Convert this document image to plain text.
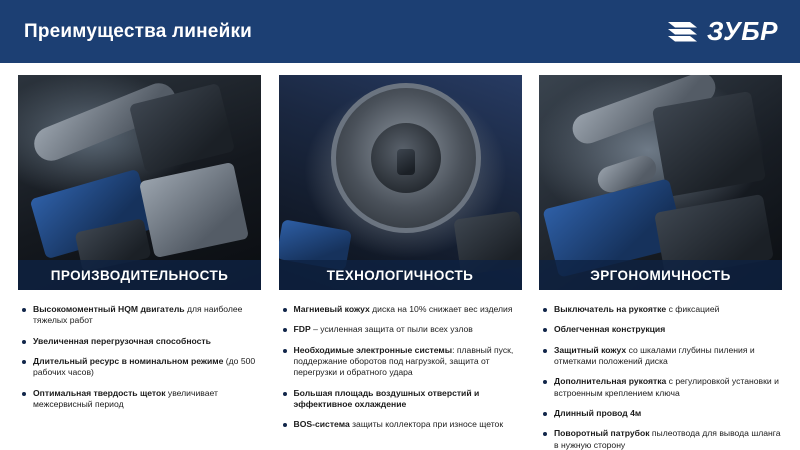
Преимущества линейки	ЗУБР
ПРОИЗВОДИТЕЛЬНОСТЬ
Высокомоментный HQM двигатель для наиболее тяжелых работ
Увеличенная перегрузочная способность
Длительный ресурс в номинальном режиме (до 500 рабочих часов)
Оптимальная твердость щеток увеличивает межсервисный период
ТЕХНОЛОГИЧНОСТЬ
Магниевый кожух диска на 10% снижает вес изделия
FDP – усиленная защита от пыли всех узлов
Необходимые электронные системы: плавный пуск, поддержание оборотов под нагрузкой, защита от перегрузки и обратного удара
Большая площадь воздушных отверстий и эффективное охлаждение
BOS-система защиты коллектора при износе щеток
ЭРГОНОМИЧНОСТЬ
Выключатель на рукоятке с фиксацией
Облегченная конструкция
Защитный кожух со шкалами глубины пиления и отметками положений диска
Дополнительная рукоятка с регулировкой установки и встроенным креплением ключа
Длинный провод 4м
Поворотный патрубок пылеотвода для вывода шланга в нужную сторону
